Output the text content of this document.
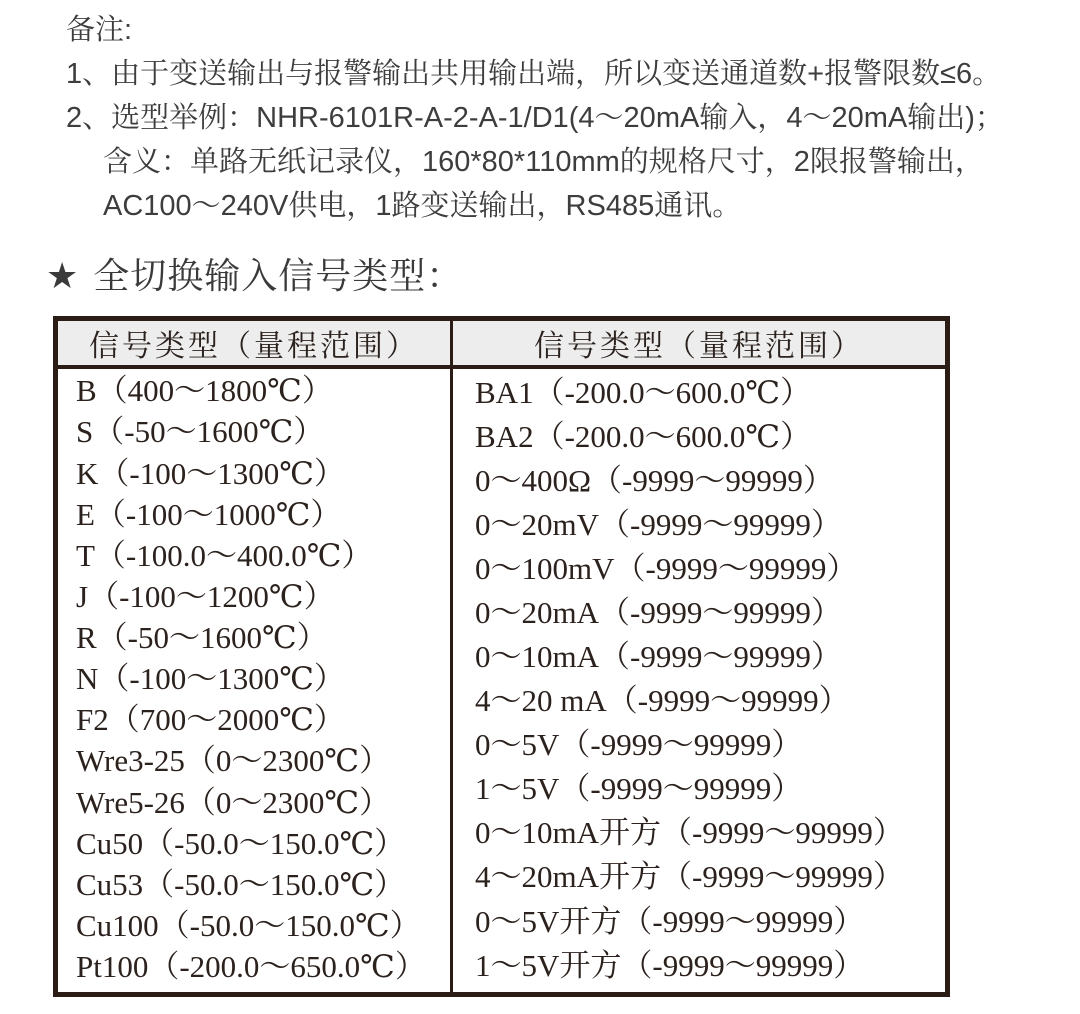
备注:
1、由于变送输出与报警输出共用输出端，所以变送通道数+报警限数≤6。
2、选型举例：NHR-6101R-A-2-A-1/D1(4～20mA输入，4～20mA输出)；
含义：单路无纸记录仪，160*80*110mm的规格尺寸，2限报警输出，
AC100～240V供电，1路变送输出，RS485通讯。
★ 全切换输入信号类型：
信号类型（量程范围）	信号类型（量程范围）
B（400～1800℃）
S（-50～1600℃）
K（-100～1300℃）
E（-100～1000℃）
T（-100.0～400.0℃）
J（-100～1200℃）
R（-50～1600℃）
N（-100～1300℃）
F2（700～2000℃）
Wre3-25（0～2300℃）
Wre5-26（0～2300℃）
Cu50（-50.0～150.0℃）
Cu53（-50.0～150.0℃）
Cu100（-50.0～150.0℃）
Pt100（-200.0～650.0℃）
BA1（-200.0～600.0℃）
BA2（-200.0～600.0℃）
0～400Ω（-9999～99999）
0～20mV（-9999～99999）
0～100mV（-9999～99999）
0～20mA（-9999～99999）
0～10mA（-9999～99999）
4～20 mA（-9999～99999）
0～5V（-9999～99999）
1～5V（-9999～99999）
0～10mA开方（-9999～99999）
4～20mA开方（-9999～99999）
0～5V开方（-9999～99999）
1～5V开方（-9999～99999）
